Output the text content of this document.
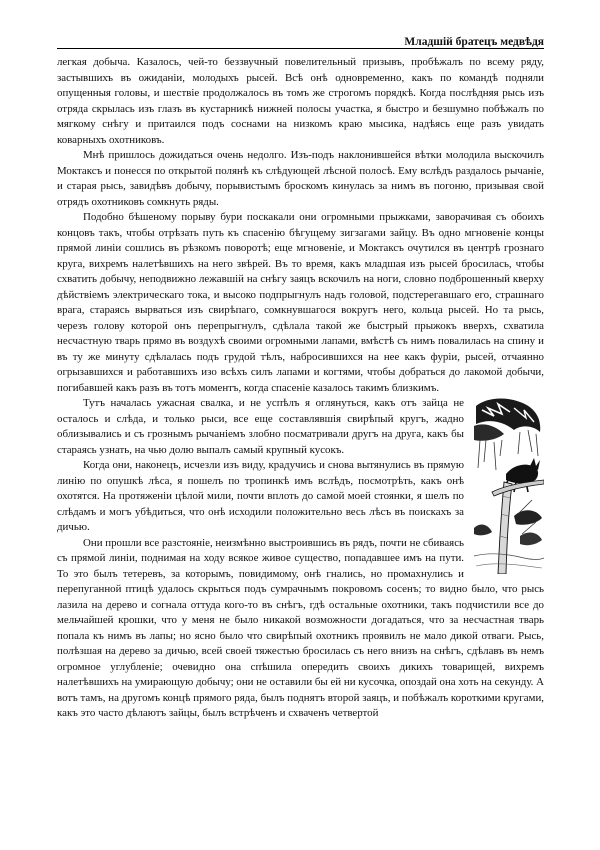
Младшій братецъ медвѣдя

легкая добыча. Казалось, чей-то беззвучный повелительный призывъ, пробѣжалъ по всему ряду, застывшихъ въ ожиданіи, молодыхъ рысей. Всѣ онѣ одновременно, какъ по командѣ подняли опущенныя головы, и шествіе продолжалось въ томъ же строгомъ порядкѣ. Когда послѣдняя рысь изъ отряда скрылась изъ глазъ въ кустарникѣ нижней полосы участка, я быстро и безшумно побѣжалъ по мягкому снѣгу и притаился подъ соснами на низкомъ краю мысика, надѣясь еще разъ увидать коварныхъ охотниковъ.

Мнѣ пришлось дожидаться очень недолго. Изъ-подъ наклонившейся вѣтки молодила выскочилъ Моктаксъ и понесся по открытой полянѣ къ слѣдующей лѣсной полосѣ. Ему вслѣдъ раздалось рычаніе, и старая рысь, завидѣвъ добычу, порывистымъ броскомъ кинулась за нимъ въ погоню, призывая свой отрядъ охотниковъ сомкнуть ряды.

Подобно бѣшеному порыву бури поскакали они огромными прыжками, заворачивая съ обоихъ концовъ такъ, чтобы отрѣзать путь къ спасенію бѣгущему зигзагами зайцу. Въ одно мгновеніе концы прямой линіи сошлись въ рѣзкомъ поворотѣ; еще мгновеніе, и Моктаксъ очутился въ центрѣ грознаго круга, вихремъ налетѣвшихъ на него звѣрей. Въ то время, какъ младшая изъ рысей бросилась, чтобы схватить добычу, неподвижно лежавшій на снѣгу заяцъ вскочилъ на ноги, словно подброшенный кверху дѣйствіемъ электрическаго тока, и высоко подпрыгнулъ надъ головой, подстерегавшаго его, страшнаго врага, стараясь вырваться изъ свирѣпаго, сомкнувшагося вокругъ него, кольца рысей. Но та рысь, черезъ голову которой онъ перепрыгнулъ, сдѣлала такой же быстрый прыжокъ вверхъ, схватила несчастную тварь прямо въ воздухѣ своими огромными лапами, вмѣстѣ съ нимъ повалилась на спину и въ ту же минуту сдѣлалась подъ грудой тѣлъ, набросившихся на нее какъ фуріи, рысей, отчаянно огрызавшихся и работавшихъ изо всѣхъ силъ лапами и когтями, чтобы добраться до лакомой добычи, погибавшей какъ разъ въ тотъ моментъ, когда спасеніе казалось такимъ близкимъ.

Тутъ началась ужасная свалка, и не успѣлъ я оглянуться, какъ отъ зайца не осталось и слѣда, и только рыси, все еще составлявшія свирѣпый кругъ, жадно облизывались и съ грознымъ рычаніемъ злобно посматривали другъ на друга, какъ бы стараясь узнать, на чью долю выпалъ самый крупный кусокъ.

Когда они, наконецъ, исчезли изъ виду, крадучись и снова вытянулись въ прямую линію по опушкѣ лѣса, я пошелъ по тропинкѣ имъ вслѣдъ, посмотрѣть, какъ онѣ охотятся. На протяженіи цѣлой мили, почти вплоть до самой моей стоянки, я шелъ по слѣдамъ и могъ убѣдиться, что онѣ исходили положительно весь лѣсъ въ поискахъ за дичью.

Они прошли все разстояніе, неизмѣнно выстроившись въ рядъ, почти не сбиваясь съ прямой линіи, поднимая на ходу всякое живое существо, попадавшее имъ на пути. То это былъ тетеревъ, за которымъ, повидимому, онѣ гнались, но промахнулись и перепуганной птицѣ удалось скрыться подъ сумрачнымъ покровомъ сосенъ; то видно было, что рысь лазила на дерево и согнала оттуда кого-то въ снѣгъ, гдѣ остальные охотники, такъ подчистили все до мельчайшей крошки, что у меня не было никакой возможности догадаться, что за несчастная тварь попала къ нимъ въ лапы; но ясно было что свирѣпый охотникъ проявилъ не мало дикой отваги. Рысь, полѣзшая на дерево за дичью, всей своей тяжестью бросилась съ него внизъ на снѣгъ, сдѣлавъ въ немъ огромное углубленіе; очевидно она спѣшила опередить своихъ дикихъ товарищей, вихремъ налетѣвшихъ на умирающую добычу; они не оставили бы ей ни кусочка, опоздай она хоть на секунду. А вотъ тамъ, на другомъ концѣ прямого ряда, былъ поднятъ второй заяцъ, и побѣжалъ короткими кругами, какъ это часто дѣлаютъ зайцы, былъ встрѣченъ и схваченъ четвертой
